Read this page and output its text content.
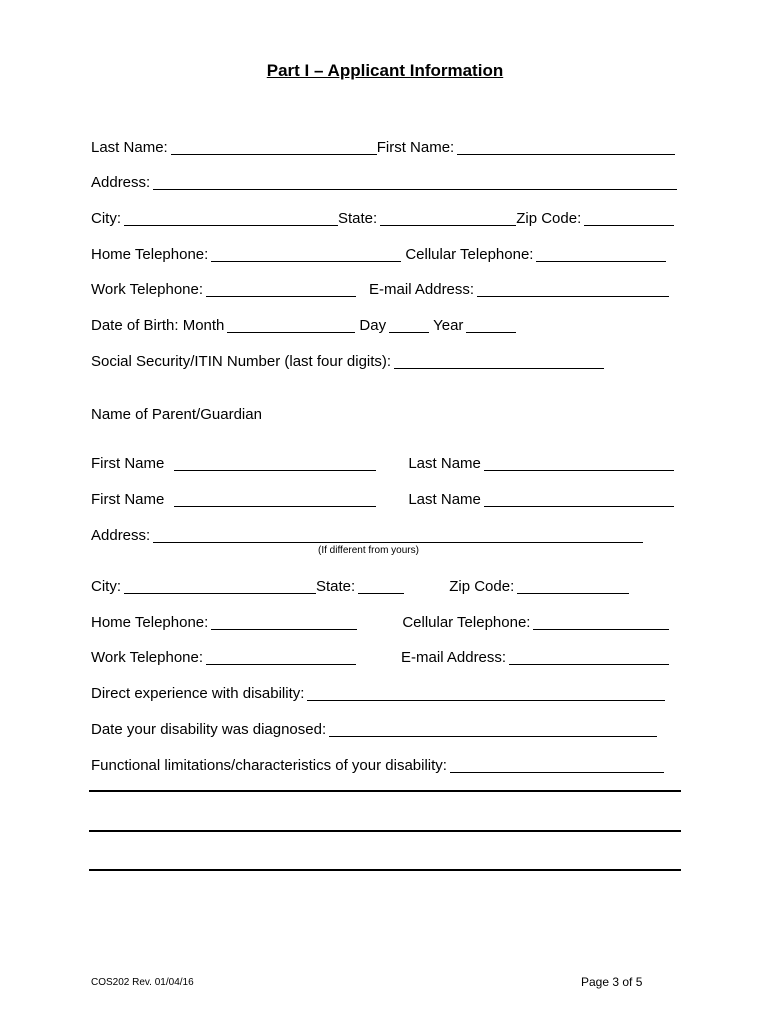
Part I – Applicant Information
Last Name:	First Name:
Address:
City:	State:	Zip Code:
Home Telephone:	Cellular Telephone:
Work Telephone:	E-mail Address:
Date of Birth: Month	Day	Year
Social Security/ITIN Number (last four digits):
Name of Parent/Guardian
First Name	Last Name
First Name	Last Name
Address:
(If different from yours)
City:	State:	Zip Code:
Home Telephone:	Cellular Telephone:
Work Telephone:	E-mail Address:
Direct experience with disability:
Date your disability was diagnosed:
Functional limitations/characteristics of your disability:
COS202 Rev. 01/04/16	Page 3 of 5
